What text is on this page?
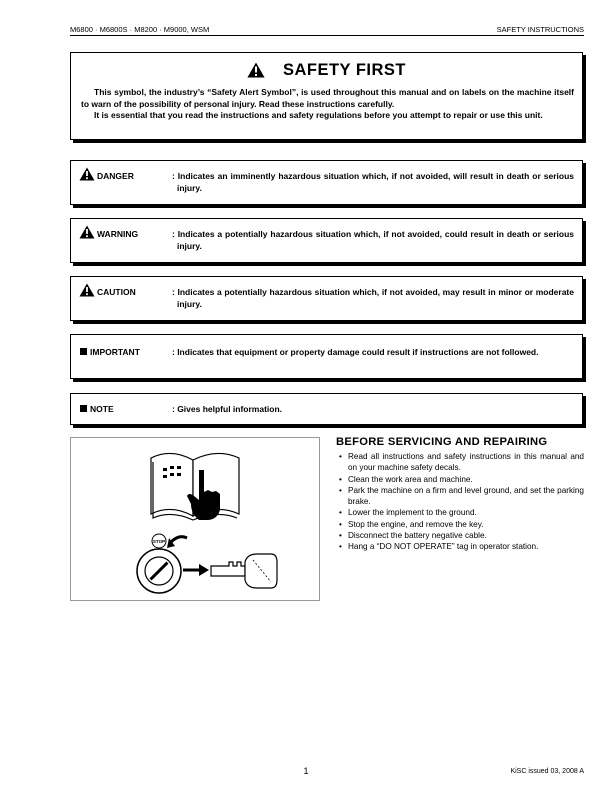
M6800 · M6800S · M8200 · M9000, WSM	SAFETY INSTRUCTIONS
SAFETY FIRST

This symbol, the industry’s “Safety Alert Symbol”, is used throughout this manual and on labels on the machine itself to warn of the possibility of personal injury. Read these instructions carefully.

It is essential that you read the instructions and safety regulations before you attempt to repair or use this unit.

DANGER	: Indicates an imminently hazardous situation which, if not avoided, will result in death or serious injury.
WARNING	: Indicates a potentially hazardous situation which, if not avoided, could result in death or serious injury.
CAUTION	: Indicates a potentially hazardous situation which, if not avoided, may result in minor or moderate injury.
IMPORTANT	: Indicates that equipment or property damage could result if instructions are not followed.
NOTE	: Gives helpful information.
STOP
BEFORE SERVICING AND REPAIRING
• Read all instructions and safety instructions in this manual and on your machine safety decals.
• Clean the work area and machine.
• Park the machine on a firm and level ground, and set the parking brake.
• Lower the implement to the ground.
• Stop the engine, and remove the key.
• Disconnect the battery negative cable.
• Hang a “DO NOT OPERATE” tag in operator station.
1	KiSC issued 03, 2008 A
